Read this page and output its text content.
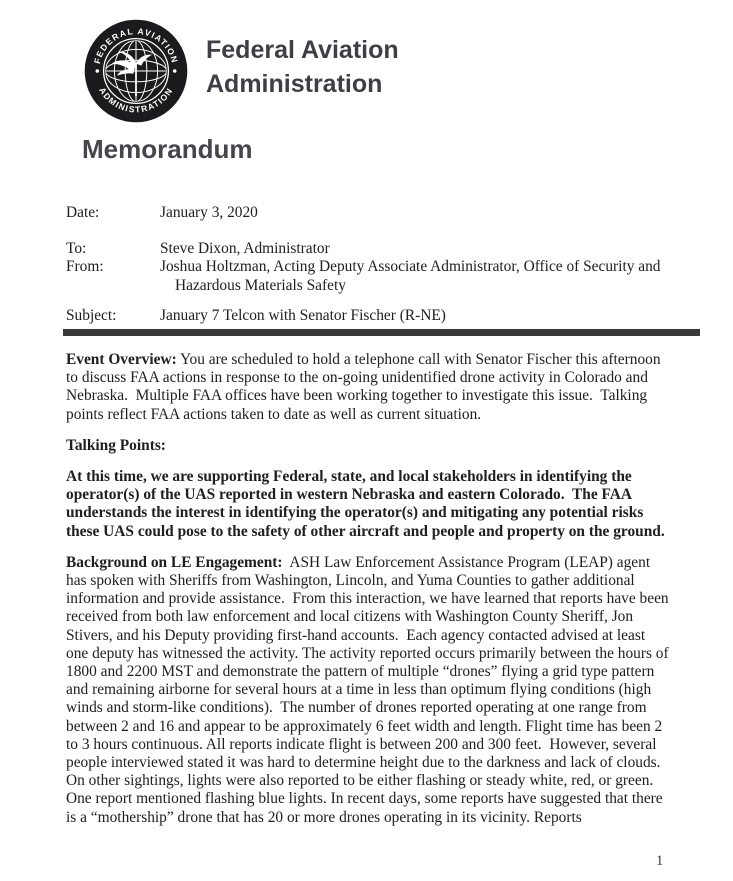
FEDERAL AVIATION
ADMINISTRATION
Federal Aviation
Administration
Memorandum
Date:	January 3, 2020
To:	Steve Dixon, Administrator
From:	Joshua Holtzman, Acting Deputy Associate Administrator, Office of Security and Hazardous Materials Safety
Subject:	January 7 Telcon with Senator Fischer (R-NE)

Event Overview: You are scheduled to hold a telephone call with Senator Fischer this afternoon to discuss FAA actions in response to the on-going unidentified drone activity in Colorado and Nebraska.  Multiple FAA offices have been working together to investigate this issue.  Talking points reflect FAA actions taken to date as well as current situation.

Talking Points:

At this time, we are supporting Federal, state, and local stakeholders in identifying the operator(s) of the UAS reported in western Nebraska and eastern Colorado.  The FAA understands the interest in identifying the operator(s) and mitigating any potential risks these UAS could pose to the safety of other aircraft and people and property on the ground.

Background on LE Engagement:  ASH Law Enforcement Assistance Program (LEAP) agent has spoken with Sheriffs from Washington, Lincoln, and Yuma Counties to gather additional information and provide assistance.  From this interaction, we have learned that reports have been received from both law enforcement and local citizens with Washington County Sheriff, Jon Stivers, and his Deputy providing first-hand accounts.  Each agency contacted advised at least one deputy has witnessed the activity. The activity reported occurs primarily between the hours of 1800 and 2200 MST and demonstrate the pattern of multiple “drones” flying a grid type pattern and remaining airborne for several hours at a time in less than optimum flying conditions (high winds and storm-like conditions).  The number of drones reported operating at one range from between 2 and 16 and appear to be approximately 6 feet width and length. Flight time has been 2 to 3 hours continuous. All reports indicate flight is between 200 and 300 feet.  However, several people interviewed stated it was hard to determine height due to the darkness and lack of clouds. On other sightings, lights were also reported to be either flashing or steady white, red, or green.  One report mentioned flashing blue lights. In recent days, some reports have suggested that there is a “mothership” drone that has 20 or more drones operating in its vicinity. Reports

1
